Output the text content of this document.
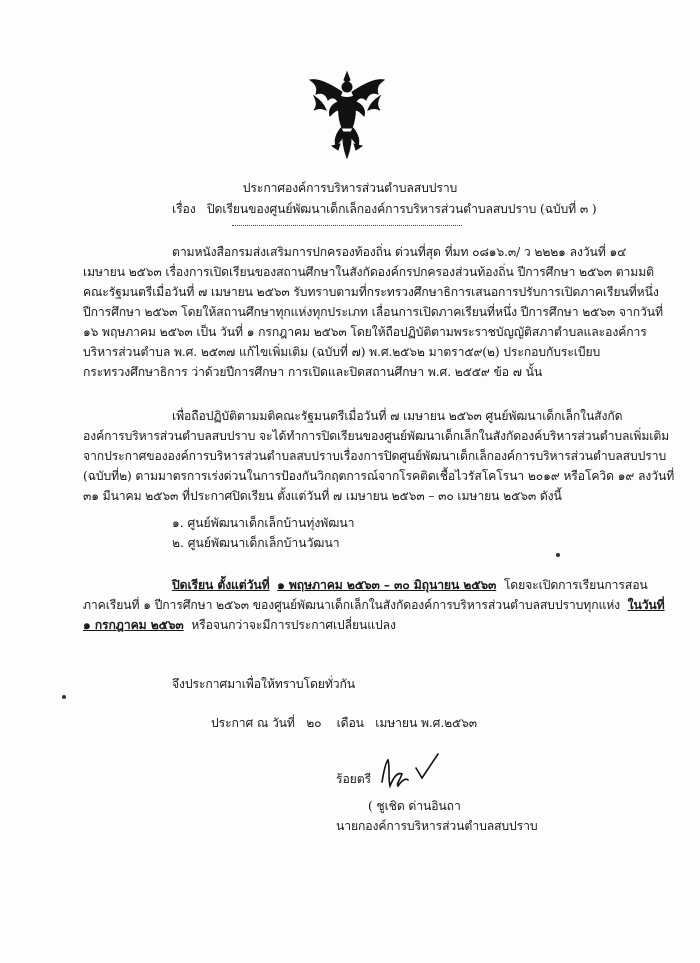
ประกาศองค์การบริหารส่วนตำบลสบปราบ
เรื่อง ปิดเรียนของศูนย์พัฒนาเด็กเล็กองค์การบริหารส่วนตำบลสบปราบ (ฉบับที่ ๓ )
ตามหนังสือกรมส่งเสริมการปกครองท้องถิ่น ด่วนที่สุด ที่มท ๐๘๑๖.๓/ ว ๒๒๒๑ ลงวันที่ ๑๔
เมษายน ๒๕๖๓ เรื่องการเปิดเรียนของสถานศึกษาในสังกัดองค์กรปกครองส่วนท้องถิ่น ปีการศึกษา ๒๕๖๓ ตามมติ
คณะรัฐมนตรีเมื่อวันที่ ๗ เมษายน ๒๕๖๓ รับทราบตามที่กระทรวงศึกษาธิการเสนอการปรับการเปิดภาคเรียนที่หนึ่ง
ปีการศึกษา ๒๕๖๓ โดยให้สถานศึกษาทุกแห่งทุกประเภท เลื่อนการเปิดภาคเรียนที่หนึ่ง ปีการศึกษา ๒๕๖๓ จากวันที่
๑๖ พฤษภาคม ๒๕๖๓ เป็น วันที่ ๑ กรกฎาคม ๒๕๖๓ โดยให้ถือปฏิบัติตามพระราชบัญญัติสภาตำบลและองค์การ
บริหารส่วนตำบล พ.ศ. ๒๕๓๗ แก้ไขเพิ่มเติม (ฉบับที่ ๗) พ.ศ.๒๕๖๒ มาตรา๕๙(๒) ประกอบกับระเบียบ
กระทรวงศึกษาธิการ ว่าด้วยปีการศึกษา การเปิดและปิดสถานศึกษา พ.ศ. ๒๕๕๙ ข้อ ๗ นั้น
เพื่อถือปฏิบัติตามมติคณะรัฐมนตรีเมื่อวันที่ ๗ เมษายน ๒๕๖๓ ศูนย์พัฒนาเด็กเล็กในสังกัด
องค์การบริหารส่วนตำบลสบปราบ จะได้ทำการปิดเรียนของศูนย์พัฒนาเด็กเล็กในสังกัดองค์บริหารส่วนตำบลเพิ่มเติม
จากประกาศขององค์การบริหารส่วนตำบลสบปราบเรื่องการปิดศูนย์พัฒนาเด็กเล็กองค์การบริหารส่วนตำบลสบปราบ
(ฉบับที่๒) ตามมาตรการเร่งด่วนในการป้องกันวิกฤตการณ์จากโรคติดเชื้อไวรัสโคโรนา ๒๐๑๙ หรือโควิด ๑๙ ลงวันที่
๓๑ มีนาคม ๒๕๖๓ ที่ประกาศปิดเรียน ตั้งแต่วันที่ ๗ เมษายน ๒๕๖๓ – ๓๐ เมษายน ๒๕๖๓ ดังนี้
๑. ศูนย์พัฒนาเด็กเล็กบ้านทุ่งพัฒนา
๒. ศูนย์พัฒนาเด็กเล็กบ้านวัฒนา
ปิดเรียน ตั้งแต่วันที่ ๑ พฤษภาคม ๒๕๖๓ – ๓๐ มิถุนายน ๒๕๖๓ โดยจะเปิดการเรียนการสอน
ภาคเรียนที่ ๑ ปีการศึกษา ๒๕๖๓ ของศูนย์พัฒนาเด็กเล็กในสังกัดองค์การบริหารส่วนตำบลสบปราบทุกแห่ง ในวันที่
๑ กรกฎาคม ๒๕๖๓ หรือจนกว่าจะมีการประกาศเปลี่ยนแปลง
จึงประกาศมาเพื่อให้ทราบโดยทั่วกัน
ประกาศ ณ วันที่ ๒๐ เดือน เมษายน พ.ศ.๒๕๖๓
ร้อยตรี
( ชูเชิด ด่านอินถา
นายกองค์การบริหารส่วนตำบลสบปราบ
